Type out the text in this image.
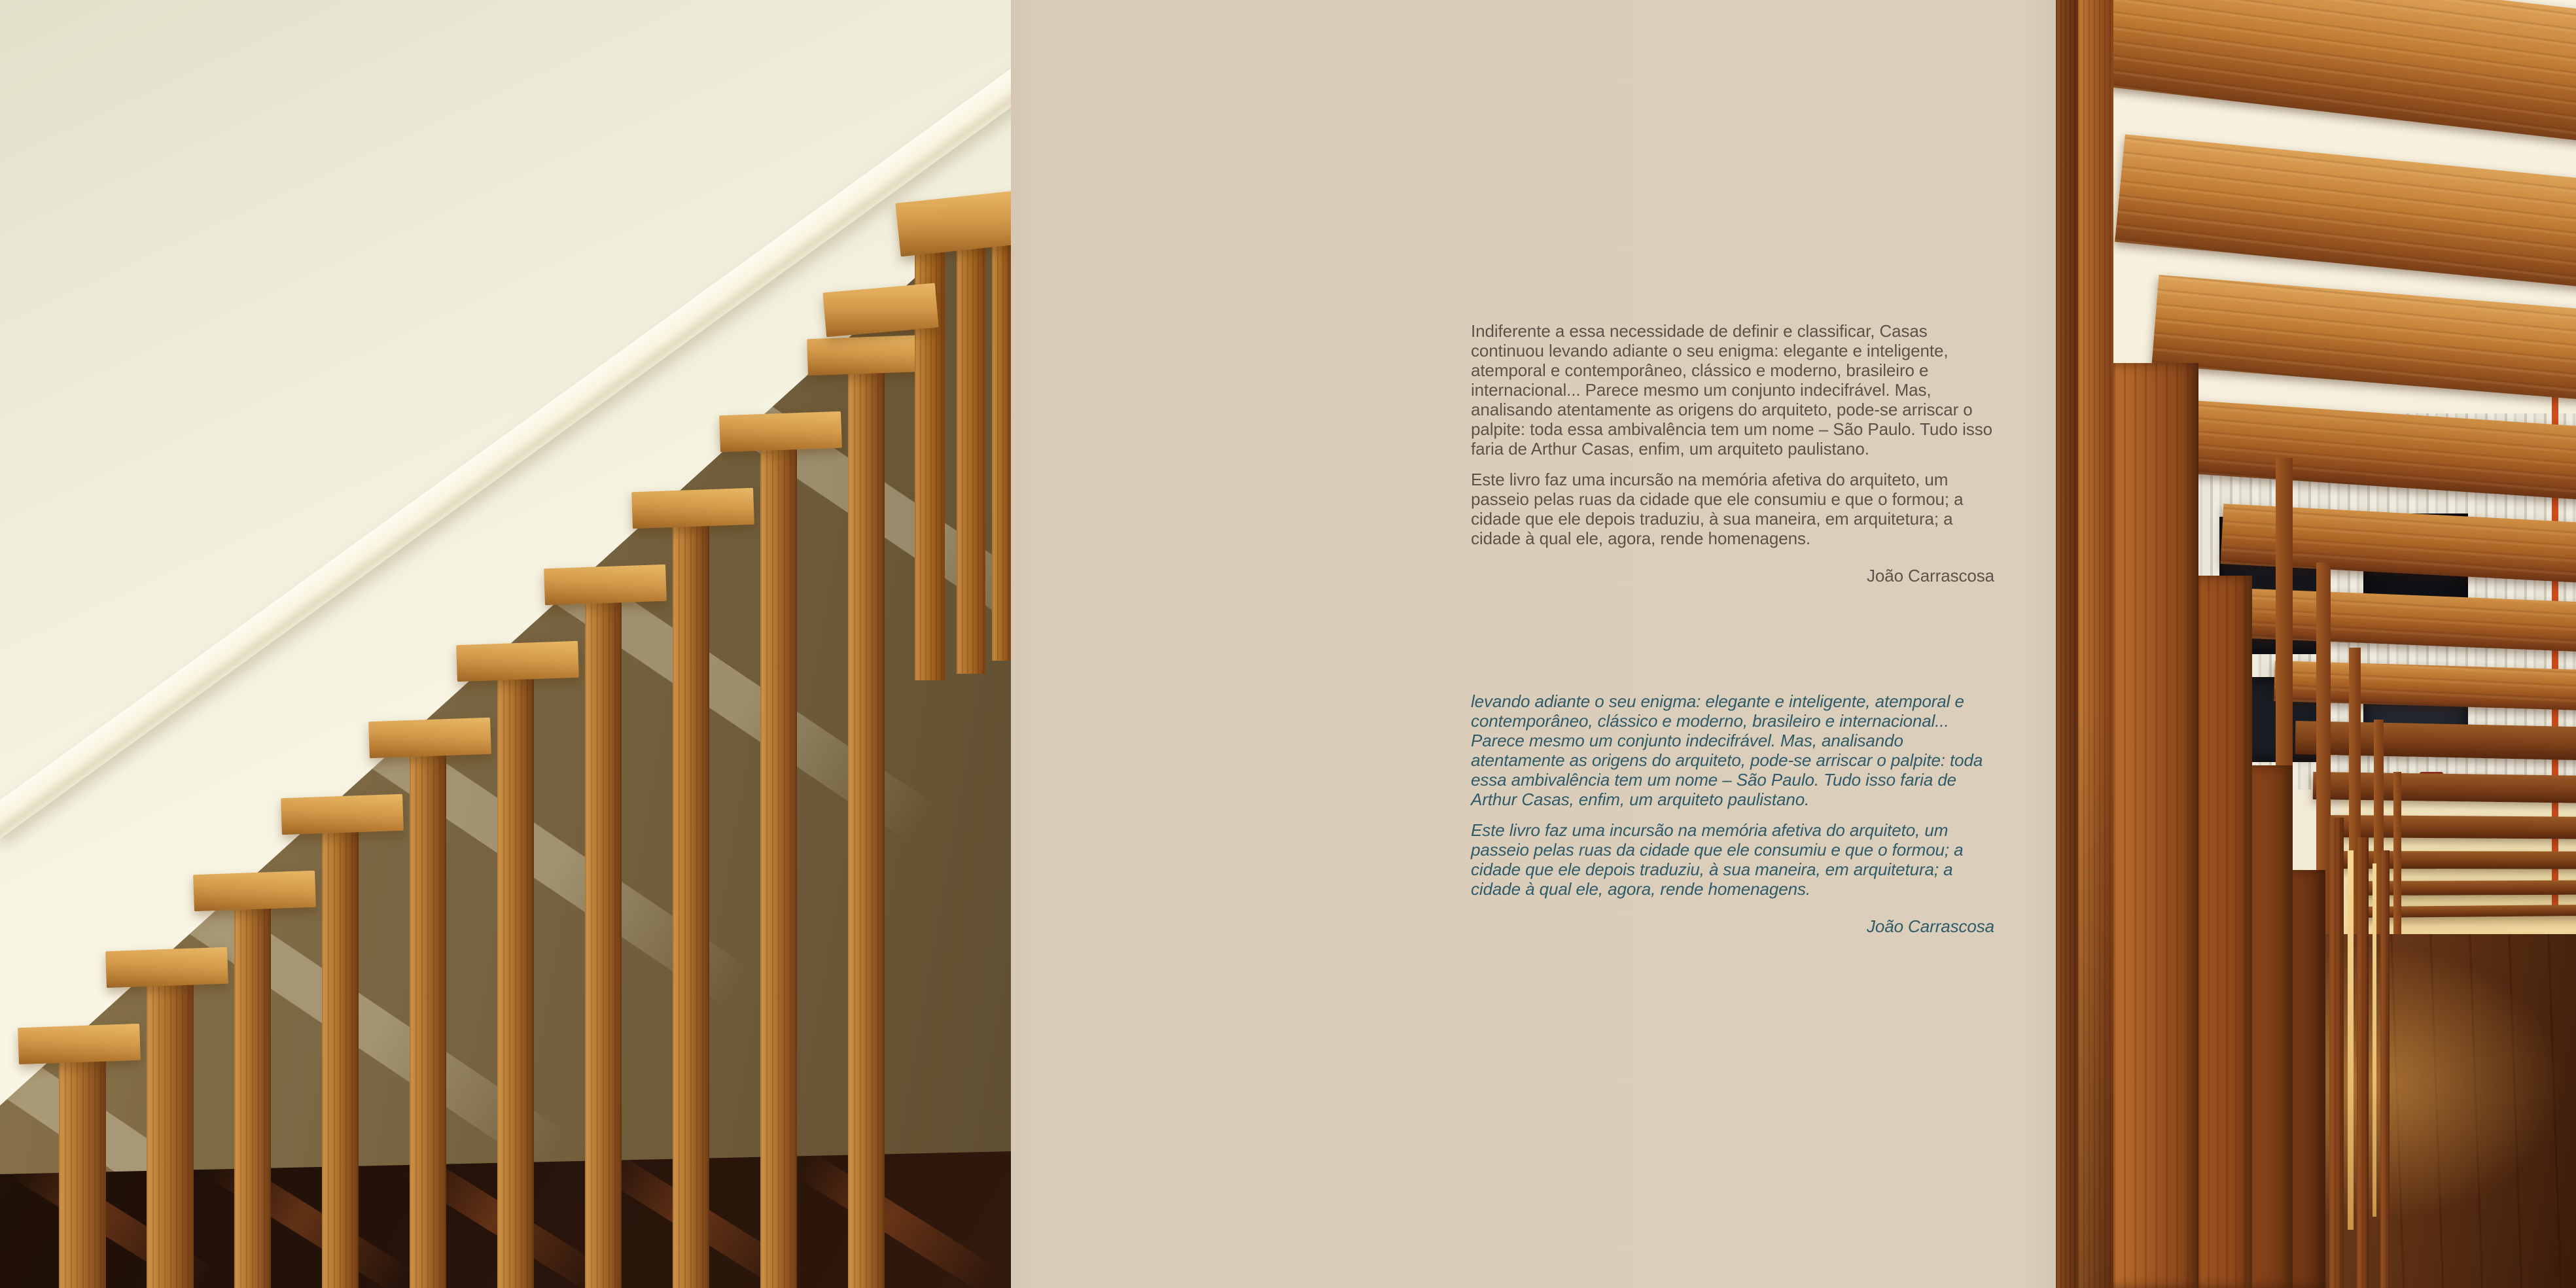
Indiferente a essa necessidade de definir e classificar, Casas continuou levando adiante o seu enigma: elegante e inteligente, atemporal e contemporâneo, clássico e moderno, brasileiro e internacional... Parece mesmo um conjunto indecifrável. Mas, analisando atentamente as origens do arquiteto, pode-se arriscar o palpite: toda essa ambivalência tem um nome – São Paulo. Tudo isso faria de Arthur Casas, enfim, um arquiteto paulistano.

Este livro faz uma incursão na memória afetiva do arquiteto, um passeio pelas ruas da cidade que ele consumiu e que o formou; a cidade que ele depois traduziu, à sua maneira, em arquitetura; a cidade à qual ele, agora, rende homenagens.

João Carrascosa

levando adiante o seu enigma: elegante e inteligente, atemporal e contemporâneo, clássico e moderno, brasileiro e internacional... Parece mesmo um conjunto indecifrável. Mas, analisando atentamente as origens do arquiteto, pode-se arriscar o palpite: toda essa ambivalência tem um nome – São Paulo. Tudo isso faria de Arthur Casas, enfim, um arquiteto paulistano.

Este livro faz uma incursão na memória afetiva do arquiteto, um passeio pelas ruas da cidade que ele consumiu e que o formou; a cidade que ele depois traduziu, à sua maneira, em arquitetura; a cidade à qual ele, agora, rende homenagens.

João Carrascosa
